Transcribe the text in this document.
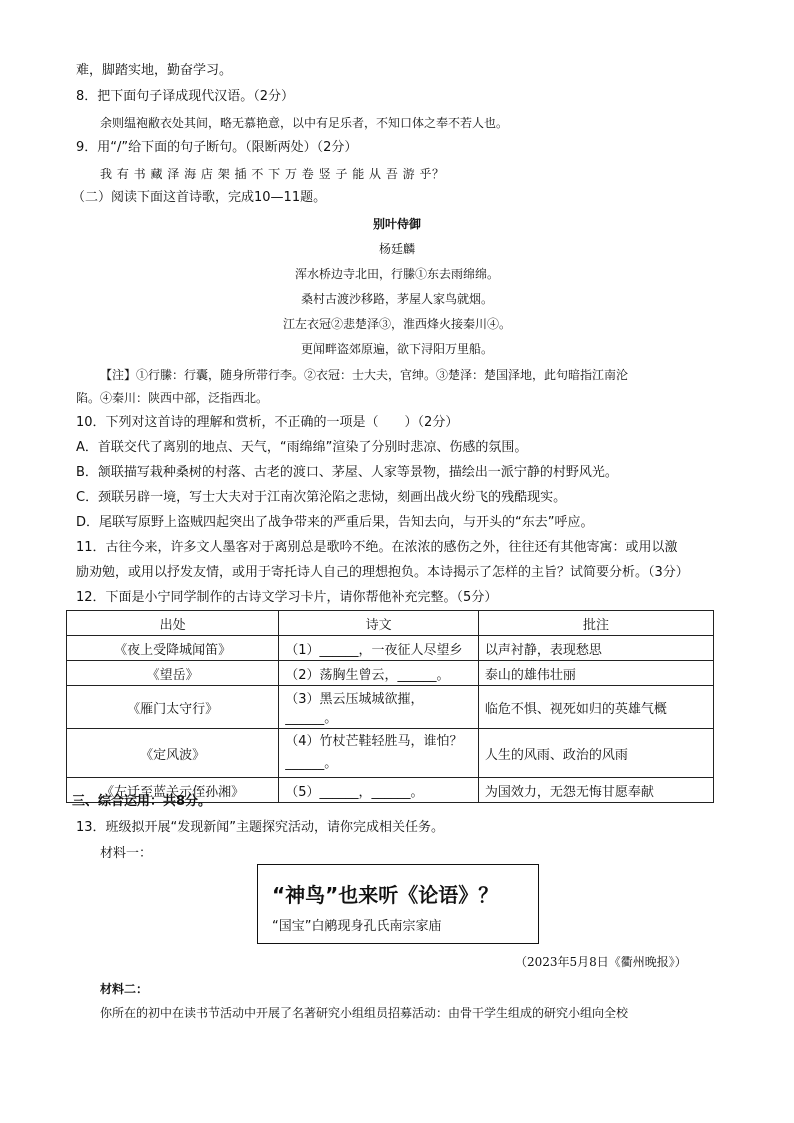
难，脚踏实地，勤奋学习。
8．把下面句子译成现代汉语。（2分）
余则缊袍敝衣处其间，略无慕艳意，以中有足乐者，不知口体之奉不若人也。
9．用“/”给下面的句子断句。（限断两处）（2分）
我 有 书 藏 泽 海 店 架 插 不 下 万 卷 竖 子 能 从 吾 游 乎？
（二）阅读下面这首诗歌，完成10—11题。
别叶侍御
杨廷麟
浑水桥边寺北田，行縢①东去雨绵绵。
桑村古渡沙移路，茅屋人家鸟就烟。
江左衣冠②悲楚泽③，淮西烽火接秦川④。
更闻畔盗郊原遍，欲下浔阳万里船。
【注】①行縢：行囊，随身所带行李。②衣冠：士大夫，官绅。③楚泽：楚国泽地，此句暗指江南沦
陷。④秦川：陕西中部，泛指西北。
10．下列对这首诗的理解和赏析，不正确的一项是（　　）（2分）
A．首联交代了离别的地点、天气，“雨绵绵”渲染了分别时悲凉、伤感的氛围。
B．颔联描写栽种桑树的村落、古老的渡口、茅屋、人家等景物，描绘出一派宁静的村野风光。
C．颈联另辟一境，写士大夫对于江南次第沦陷之悲恸，刻画出战火纷飞的残酷现实。
D．尾联写原野上盗贼四起突出了战争带来的严重后果，告知去向，与开头的“东去”呼应。
11．古往今来，许多文人墨客对于离别总是歌吟不绝。在浓浓的感伤之外，往往还有其他寄寓：或用以激
励劝勉，或用以抒发友情，或用于寄托诗人自己的理想抱负。本诗揭示了怎样的主旨？试简要分析。（3分）
12．下面是小宁同学制作的古诗文学习卡片，请你帮他补充完整。（5分）
出处	诗文	批注
《夜上受降城闻笛》	（1）______，一夜征人尽望乡	以声衬静，表现愁思
《望岳》	（2）荡胸生曾云，______。	泰山的雄伟壮丽
《雁门太守行》	（3）黑云压城城欲摧，______。	临危不惧、视死如归的英雄气概
《定风波》	（4）竹杖芒鞋轻胜马，谁怕？______。	人生的风雨、政治的风雨
《左迁至蓝关示侄孙湘》	（5）______，______。	为国效力，无怨无悔甘愿奉献
三、综合运用：共8分。
13．班级拟开展“发现新闻”主题探究活动，请你完成相关任务。
材料一：
“神鸟”也来听《论语》？
“国宝”白鹇现身孔氏南宗家庙
（2023年5月8日《衢州晚报》）
材料二：
你所在的初中在读书节活动中开展了名著研究小组组员招募活动：由骨干学生组成的研究小组向全校
